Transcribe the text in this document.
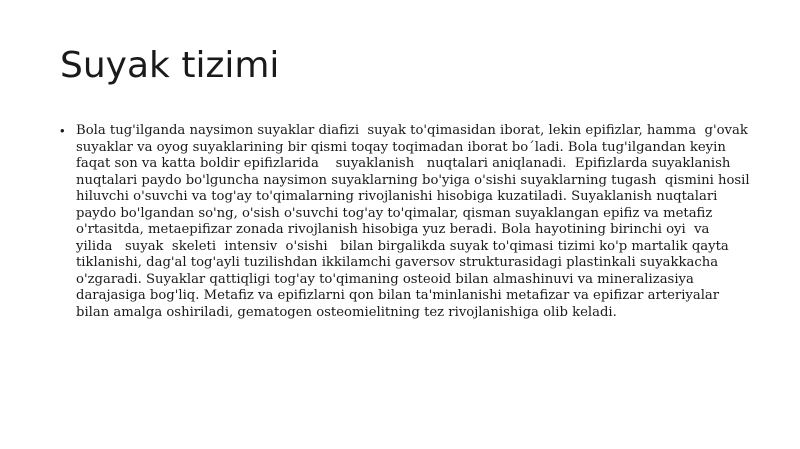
Suyak tizimi
• Bola tug'ilganda naysimon suyaklar diafizi  suyak to'qimasidan iborat, lekin epifizlar, hamma  g'ovak suyaklar va oyog suyaklarining bir qismi toqay toqimadan iborat bo´ladi. Bola tug'ilgandan keyin faqat son va katta boldir epifizlarida    suyaklanish   nuqtalari aniqlanadi.  Epifizlarda suyaklanish nuqtalari paydo bo'lguncha naysimon suyaklarning bo'yiga o'sishi suyaklarning tugash  qismini hosil hiluvchi o'suvchi va tog'ay to'qimalarning rivojlanishi hisobiga kuzatiladi. Suyaklanish nuqtalari paydo bo'lgandan so'ng, o'sish o'suvchi tog'ay to'qimalar, qisman suyaklangan epifiz va metafiz o'rtasitda, metaepifizar zonada rivojlanish hisobiga yuz beradi. Bola hayotining birinchi oyi  va  yilida   suyak  skeleti  intensiv  o'sishi   bilan birgalikda suyak to'qimasi tizimi ko'p martalik qayta tiklanishi, dag'al tog'ayli tuzilishdan ikkilamchi gaversov strukturasidagi plastinkali suyakkacha o'zgaradi. Suyaklar qattiqligi tog'ay to'qimaning osteoid bilan almashinuvi va mineralizasiya darajasiga bog'liq. Metafiz va epifizlarni qon bilan ta'minlanishi metafizar va epifizar arteriyalar bilan amalga oshiriladi, gematogen osteomielitning tez rivojlanishiga olib keladi.
